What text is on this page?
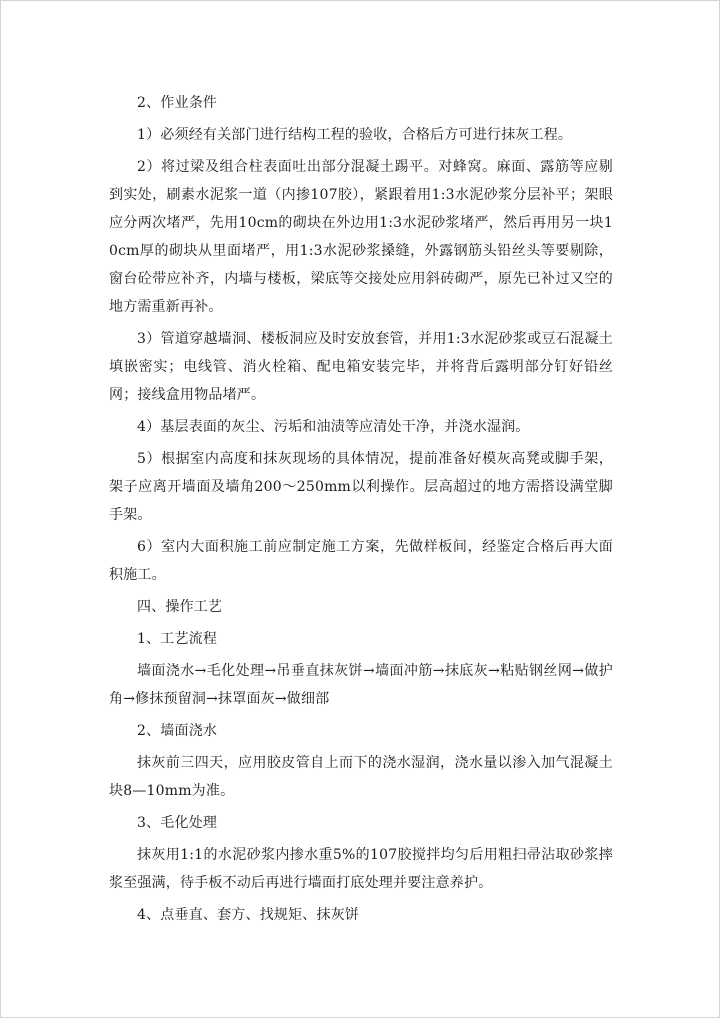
2、作业条件

1）必须经有关部门进行结构工程的验收，合格后方可进行抹灰工程。

2）将过梁及组合柱表面吐出部分混凝土踢平。对蜂窝。麻面、露筋等应剔到实处，刷素水泥浆一道（内掺107胶），紧跟着用1:3水泥砂浆分层补平；架眼应分两次堵严，先用10cm的砌块在外边用1:3水泥砂浆堵严，然后再用另一块10cm厚的砌块从里面堵严，用1:3水泥砂浆搡缝，外露钢筋头铅丝头等要剔除，窗台砼带应补齐，内墙与楼板，梁底等交接处应用斜砖砌严，原先已补过又空的地方需重新再补。

3）管道穿越墙洞、楼板洞应及时安放套管，并用1:3水泥砂浆或豆石混凝土填嵌密实；电线管、消火栓箱、配电箱安装完毕，并将背后露明部分钉好铅丝网；接线盒用物品堵严。

4）基层表面的灰尘、污垢和油渍等应清处干净，并浇水湿润。

5）根据室内高度和抹灰现场的具体情况，提前准备好模灰高凳或脚手架，架子应离开墙面及墙角200～250mm以利操作。层高超过的地方需搭设满堂脚手架。

6）室内大面积施工前应制定施工方案，先做样板间，经鉴定合格后再大面积施工。

四、操作工艺

1、工艺流程

墙面浇水→毛化处理→吊垂直抹灰饼→墙面冲筋→抹底灰→粘贴钢丝网→做护角→修抹预留洞→抹罩面灰→做细部

2、墙面浇水

抹灰前三四天，应用胶皮管自上而下的浇水湿润，浇水量以渗入加气混凝土块8—10mm为准。

3、毛化处理

抹灰用1:1的水泥砂浆内掺水重5%的107胶搅拌均匀后用粗扫帚沾取砂浆摔浆至强满，待手板不动后再进行墙面打底处理并要注意养护。

4、点垂直、套方、找规矩、抹灰饼
